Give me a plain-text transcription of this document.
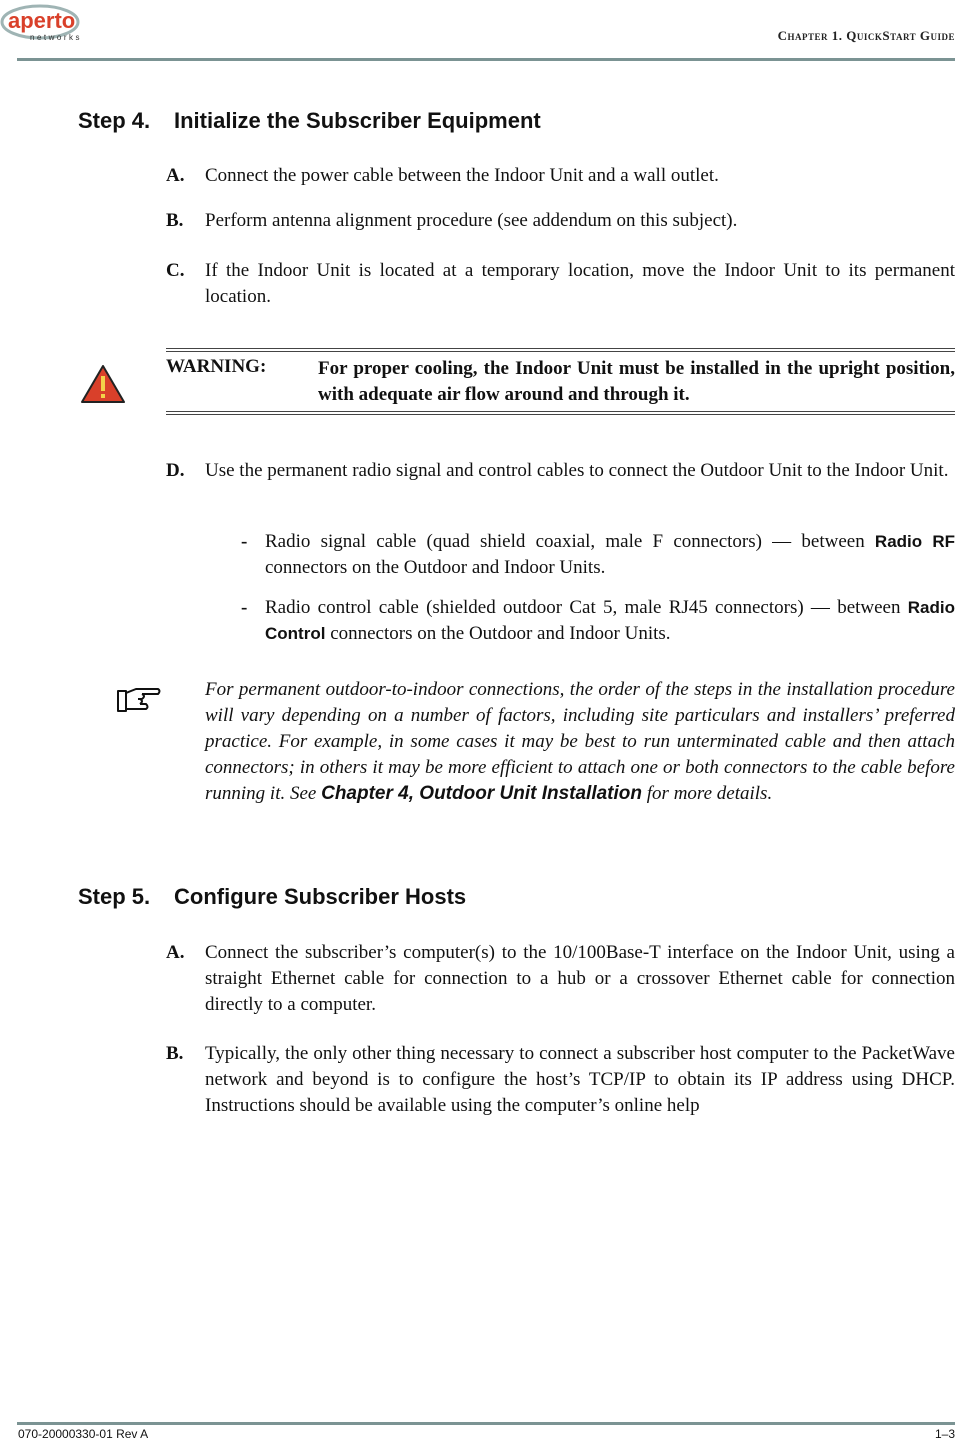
aperto
networks	Chapter 1. QuickStart Guide
Step 4. Initialize the Subscriber Equipment
A. Connect the power cable between the Indoor Unit and a wall outlet.
B. Perform antenna alignment procedure (see addendum on this subject).
C. If the Indoor Unit is located at a temporary location, move the Indoor Unit to its permanent location.
WARNING:	For proper cooling, the Indoor Unit must be installed in the upright position, with adequate air flow around and through it.
D. Use the permanent radio signal and control cables to connect the Outdoor Unit to the Indoor Unit.
- Radio signal cable (quad shield coaxial, male F connectors) — between Radio RF connectors on the Outdoor and Indoor Units.
- Radio control cable (shielded outdoor Cat 5, male RJ45 connectors) — between Radio Control connectors on the Outdoor and Indoor Units.
For permanent outdoor-to-indoor connections, the order of the steps in the installation procedure will vary depending on a number of factors, including site particulars and installers’ preferred practice. For example, in some cases it may be best to run unterminated cable and then attach connectors; in others it may be more efficient to attach one or both connectors to the cable before running it. See Chapter 4, Outdoor Unit Installation for more details.
Step 5. Configure Subscriber Hosts
A. Connect the subscriber’s computer(s) to the 10/100Base-T interface on the Indoor Unit, using a straight Ethernet cable for connection to a hub or a crossover Ethernet cable for connection directly to a computer.
B. Typically, the only other thing necessary to connect a subscriber host computer to the PacketWave network and beyond is to configure the host’s TCP/IP to obtain its IP address using DHCP. Instructions should be available using the computer’s online help
070-20000330-01 Rev A	1–3
